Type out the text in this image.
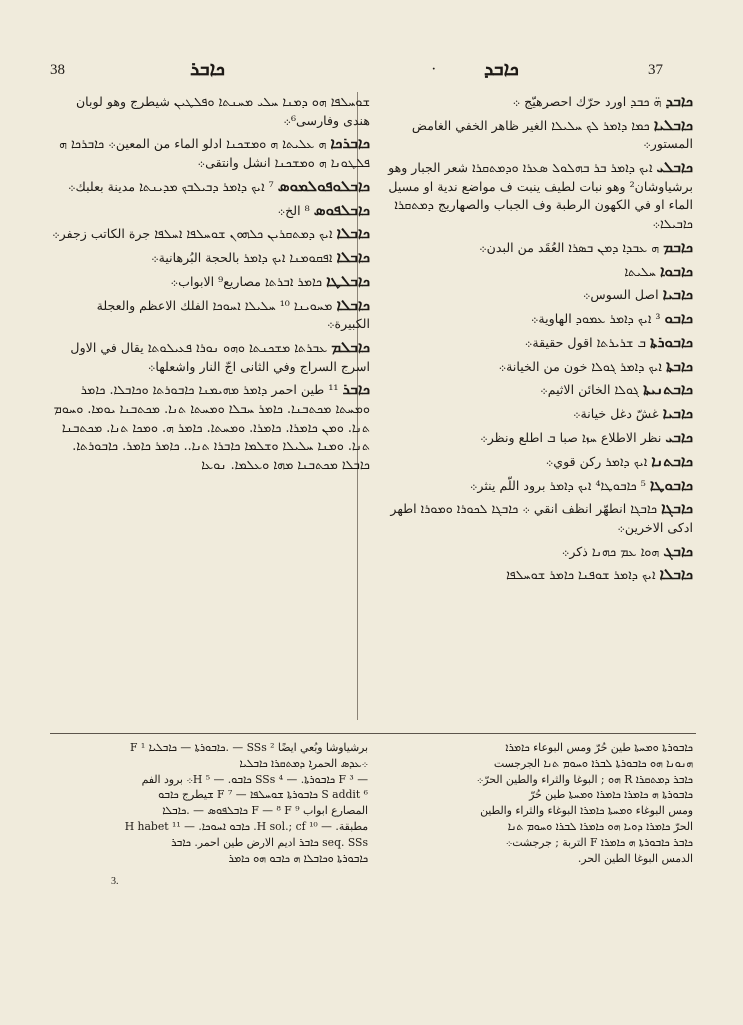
38	ܟܐܒܪ	·	ܟܐܒܕ	37
ܟܐܒܕ ܗ̈ ܟܒܕ اورد حرّك احصرهيّج ܀
ܟܐܒܠܝܐ ܟܡܐ ܕܐܡܪ ܠܟ ܚܠܝܠܐ الغير ظاهر الخفي الغامض المستور܀
ܟܐܒܠܝ ܐܝܟ ܕܐܡܪ ܒܪ ܒܗܠܘܠ ܣܥܪܐ ܘܕܡܬܩܪܐ شعر الجبار وهو برشياوشان² وهو نبات لطيف ينبت ف مواضع ندية او مسيل الماء او في الكهون الرطبة وف الجباب والصهاريج ܕܡܬܩܪܐ ܟܐܒܝܠܐ܀
ܟܐܒܡ ܗ ܥܒܕܐ ܕܡܢ ܒܣܪܐ العُقَد من البدن܀
ܟܐܒܘܐ ܚܠܝܬܐ
ܟܐܒܝܐ اصل السوس܀
ܟܐܒܘ ³ ܐܝܟ ܕܐܡܪ ܥܡܘܕ الهاوية܀
ܟܐܒܘܪܬܐ ܒ ܫܪܝܪܬܐ اقول حقيقة܀
ܟܐܒܬܐ ܐܝܟ ܕܐܡܪ ܓܘܠܐ خون من الخيانة܀
ܟܐܒܬܢܝܬܐ ܓܘܠܐ الخائن الاثيم܀
ܟܐܒܝܐ غشّ دغل خيانة܀
ܟܐܒܝ نظر الاطلاع ܚܙܐ صبا ܒ اطلع ونظر܀
ܟܐܒܬܢܐ ܐܝܟ ܕܐܡܪ ركن قوي܀
ܟܐܒܘܛܐ ⁵ ܟܐܒܘܛܐ⁴ ܐܝܟ ܕܐܡܪ برود اللّم ينثر܀
ܟܐܒܓܐ ܟܐܒܓܐ انطهّر انظف انقي ܀ ܟܐܒܓܐ ܠܟܘܪܐ ܘܡܘܪܐ اطهر ادكى الاخرين܀
ܟܐܒܓ ܗܘܐ ܥܡ ܟܗܢܐ ذكر܀
ܟܐܒܠܐ ܐܝܟ ܕܐܡܪ ܫܘܦܢܐ ܟܐܡܪ ܫܘܚܠܦܐ
ܫܘܚܠܦܐ ܗܘ ܕܡܢܐ ܚܠܝ ܡܚܢܬܐ ܘܦܠܛܝܢ شيطرج وهو لوبان هندى وفارسى⁶܀
ܟܐܒܪܟܐ ܗ ܥܠܝܬܐ ܗ ܘܡܫܟܢܐ ادلو الماء من المعين܀ ܟܐܒܪܟܐ ܗ ܦܠܛܘܢܐ ܗ ܘܡܫܟܢܐ انشل وانتقى܀
ܟܐܒܠܘܦܘܠܡܘܣ ⁷ ܐܝܟ ܕܐܡܪ ܕܒܝܠܒܟ ܡܕܝܢܬܐ مدينة بعلبك܀
ܟܐܒܠܦܘܣ ⁸ الخ܀
ܟܐܒܠܐ ܐܝܟ ܕܡܬܩܪܝܢ ܟܠܗܘܢ ܫܘܚܠܦܐ ܐܚܠܦܐ جرة الكاتب زجفر܀
ܟܐܒܠܐ ܐܦܩܘܡܢܐ ܐܝܟ ܕܐܡܪ بالحجة البُرهانية܀
ܟܐܒܠܛܐ ܟܐܡܪ ܐܒܪܬܐ مصاريع⁹ الابواب܀
ܟܐܒܠܐ ܡܚܘܝܢܐ ¹⁰ ܚܠܝܠܐ ܐܚܘܟܐ الفلك الاعظم والعجلة الكبيرة܀
ܟܐܒܠܡ ܥܒܪܬܐ ܡܫܟܢܬܐ ܘܗܘ ܢܘܪܐ ܦܥܝܠܘܬܐ يقال في الاول اسرج السراج وفي الثانى اجّ النار واشعلها܀
ܟܐܒܪ ¹¹ طين احمر ܕܐܡܪ ܡܗܝܡܢܐ ܟܐܒܘܪܬܐ ܘܟܐܒܠܐ. ܟܐܡܪ ܘܡܚܬܐ ܡܟܬܒܢܐ. ܟܐܡܪ ܚܒܠܐ ܘܡܚܬܐ ܬܢܐ. ܡܟܬܒܢܐ ܝܘܡܐ. ܘܚܘܡ ܬܢܐ. ܘܡܢ ܟܐܡܪܐ. ܟܐܡܪܐ. ܘܡܚܬܐ. ܟܐܡܪ ܗ. ܘܡܟܐ ܬܢܐ. ܡܟܬܒܢܐ ܬܢܐ. ܘܡܢܐ ܚܠܝܠܐ ܘܫܠܡܐ ܟܐܒܪܐ ܬܢܐ.. ܟܐܡܪ ܟܐܡܪ. ܟܐܒܘܪܬܐ. ܟܐܒܠܐ ܡܟܬܒܢܐ ܡܗܐ ܘܥܠܡܐ. ܢܘܥܐ
برشياوشا وبُعي ايضًا SSs ² — .ܟܐܒܘܪܬܐ — ܟܐܒܠܝܐ F ¹
܀ܥܕܣ الحمرܐ ܕܡܬܩܪܐ ܟܐܒܠܝܐ
— ³ F ܟܐܒܘܪܬܐ. — ⁴ SSs ܟܐܒܘ. — ⁵ H܀ برود الفم
⁶ S addit ܟܐܒܘܪܬܐ ܫܘܚܠܦܐ — ⁷ F ܫيطرج ܟܐܒܘ
المصارع ابواب ⁹ F — ⁸ F ܟܐܒܠܦܘܣ — .ܟܐܒܠܐ
مطبقة. — ¹⁰ H sol.; cf. ܟܐܒܘ ܐܚܘܟܐ. — ¹¹ H habet
seq. SSs ܟܐܒܪ ادیم الارض طين احمر. ܟܐܒܪ
ܟܐܒܘܪܬܐ ܘܟܐܒܠܐ ܗ ܟܐܒܘ ܗܘ ܟܐܡܪ
ܟܐܒܘܪܬܐ ܘܡܚܬܐ طين حُرّ ومس البوعاء ܟܐܡܪܐ
ܗܢܘܢܐ ܗܘ ܟܐܒܘܪܬܐ ܠܒܪܐ ܘܚܘܡ ܬܢܐ الجرجست
ܟܐܒܪ ܕܡܬܩܪܐ R ܗܘ ; البوغا والثراء والطين الحرّ܀
ܟܐܒܘܪܬܐ ܗ ܟܐܡܪܐ ܟܐܡܪܐ ܘܡܚܬܐ طين حُرّ
ومس البوغاء ܘܡܚܬܐ ܟܐܡܪܐ البوغاء والثراء والطين
الحرّ ܟܐܡܪܐ ܕܘܝܐ ܗܘ ܟܐܡܪܐ ܠܒܪܐ ܘܚܘܡ ܬܢܐ
ܟܐܒܪ ܟܐܒܘܪܬܐ ܗ ܟܐܡܪܐ F التربة ; جرجشت܀
الدمس البوغا الطين الحر.
3.
